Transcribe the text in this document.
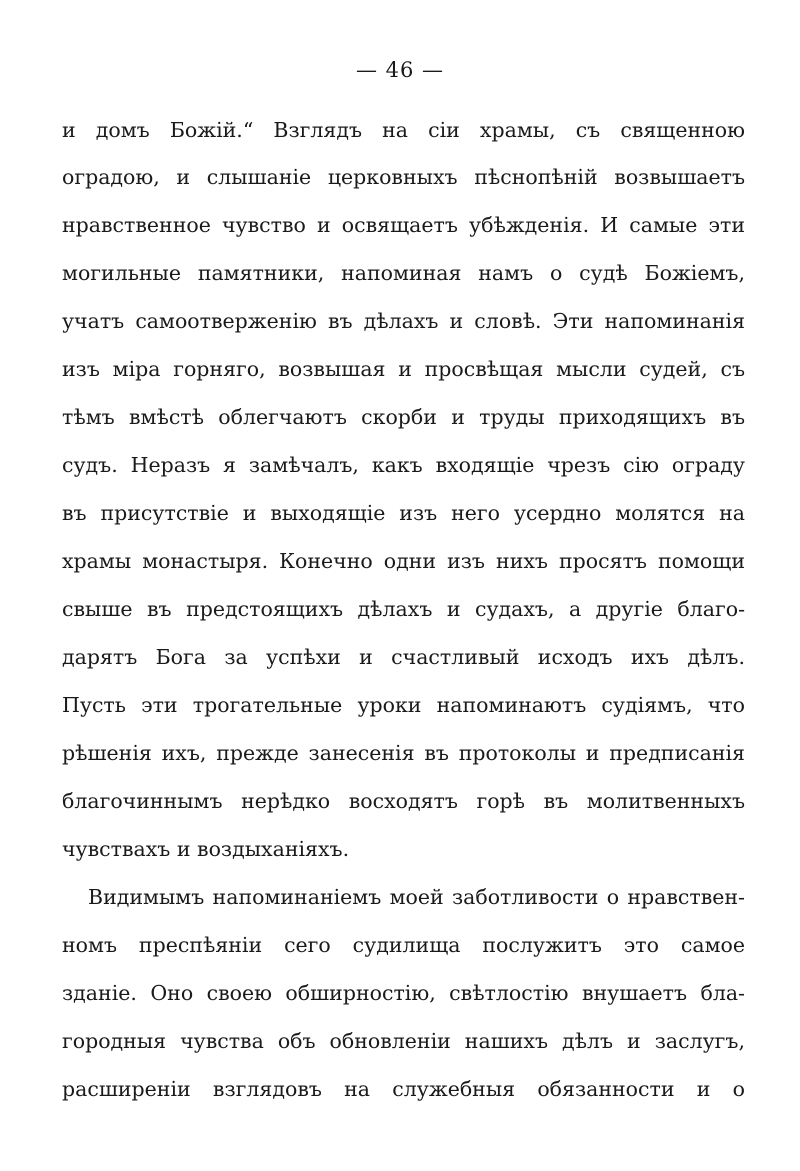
— 46 —
и домъ Божій.“ Взглядъ на сіи храмы, съ священною
оградою, и слышаніе церковныхъ пѣснопѣній возвышаетъ
нравственное чувство и освящаетъ убѣжденія. И самые эти
могильные памятники, напоминая намъ о судѣ Божіемъ,
учатъ самоотверженію въ дѣлахъ и словѣ. Эти напоминанія
изъ міра горняго, возвышая и просвѣщая мысли судей, съ
тѣмъ вмѣстѣ облегчаютъ скорби и труды приходящихъ въ
судъ. Неразъ я замѣчалъ, какъ входящіе чрезъ сію ограду
въ присутствіе и выходящіе изъ него усердно молятся на
храмы монастыря. Конечно одни изъ нихъ просятъ помощи
свыше въ предстоящихъ дѣлахъ и судахъ, а другіе благо-
дарятъ Бога за успѣхи и счастливый исходъ ихъ дѣлъ.
Пусть эти трогательные уроки напоминаютъ судіямъ, что
рѣшенія ихъ, прежде занесенія въ протоколы и предписанія
благочиннымъ нерѣдко восходятъ горѣ въ молитвенныхъ
чувствахъ и воздыханіяхъ.
Видимымъ напоминаніемъ моей заботливости о нравствен-
номъ преспѣяніи сего судилища послужитъ это самое
зданіе. Оно своею обширностію, свѣтлостію внушаетъ бла-
городныя чувства объ обновленіи нашихъ дѣлъ и заслугъ,
расширеніи взглядовъ на служебныя обязанности и о
